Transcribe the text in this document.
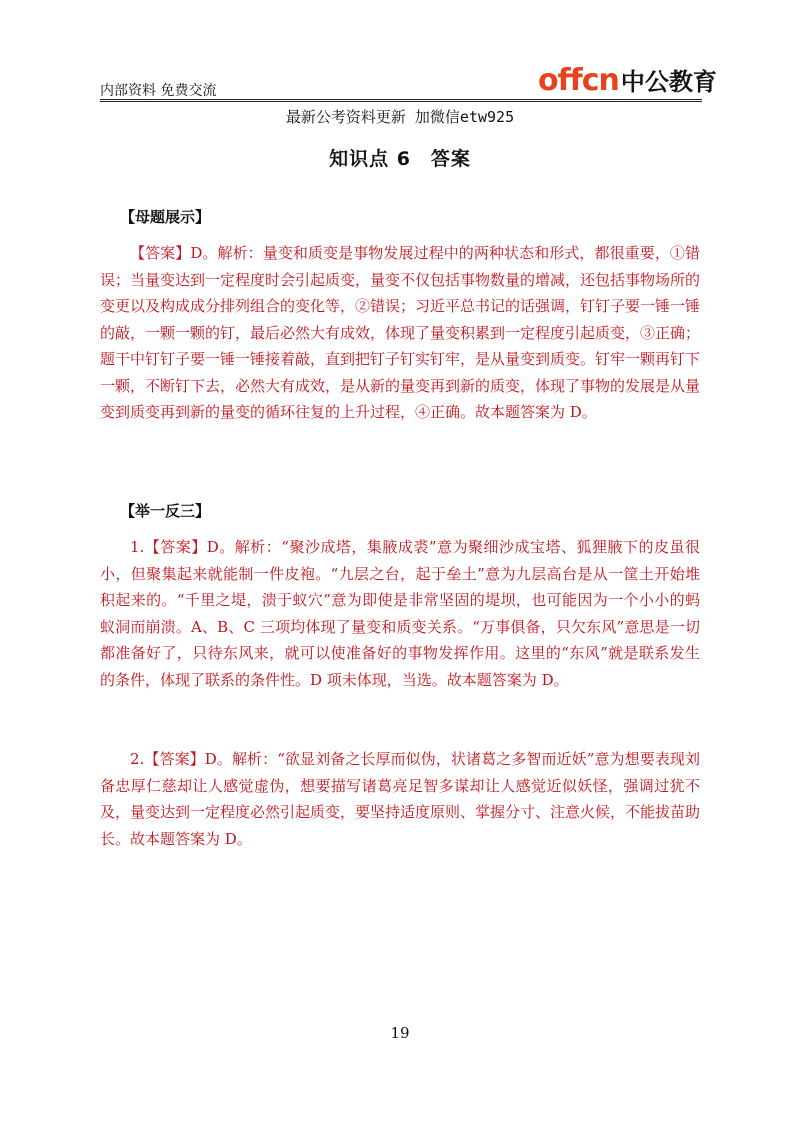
内部资料 免费交流	offcn 中公教育
最新公考资料更新 加微信etw925
知识点 6　答案
【母题展示】
【答案】D。解析：量变和质变是事物发展过程中的两种状态和形式，都很重要，①错误；当量变达到一定程度时会引起质变，量变不仅包括事物数量的增减，还包括事物场所的变更以及构成成分排列组合的变化等，②错误；习近平总书记的话强调，钉钉子要一锤一锤的敲，一颗一颗的钉，最后必然大有成效，体现了量变积累到一定程度引起质变，③正确；题干中钉钉子要一锤一锤接着敲，直到把钉子钉实钉牢，是从量变到质变。钉牢一颗再钉下一颗，不断钉下去，必然大有成效，是从新的量变再到新的质变，体现了事物的发展是从量变到质变再到新的量变的循环往复的上升过程，④正确。故本题答案为 D。
【举一反三】
1.【答案】D。解析：“聚沙成塔，集腋成裘”意为聚细沙成宝塔、狐狸腋下的皮虽很小，但聚集起来就能制一件皮袍。“九层之台，起于垒土”意为九层高台是从一筐土开始堆积起来的。“千里之堤，溃于蚁穴”意为即使是非常坚固的堤坝，也可能因为一个小小的蚂蚁洞而崩溃。A、B、C 三项均体现了量变和质变关系。“万事俱备，只欠东风”意思是一切都准备好了，只待东风来，就可以使准备好的事物发挥作用。这里的“东风”就是联系发生的条件，体现了联系的条件性。D 项未体现，当选。故本题答案为 D。
2.【答案】D。解析：“欲显刘备之长厚而似伪，状诸葛之多智而近妖”意为想要表现刘备忠厚仁慈却让人感觉虚伪，想要描写诸葛亮足智多谋却让人感觉近似妖怪，强调过犹不及，量变达到一定程度必然引起质变，要坚持适度原则、掌握分寸、注意火候，不能拔苗助长。故本题答案为 D。
19
